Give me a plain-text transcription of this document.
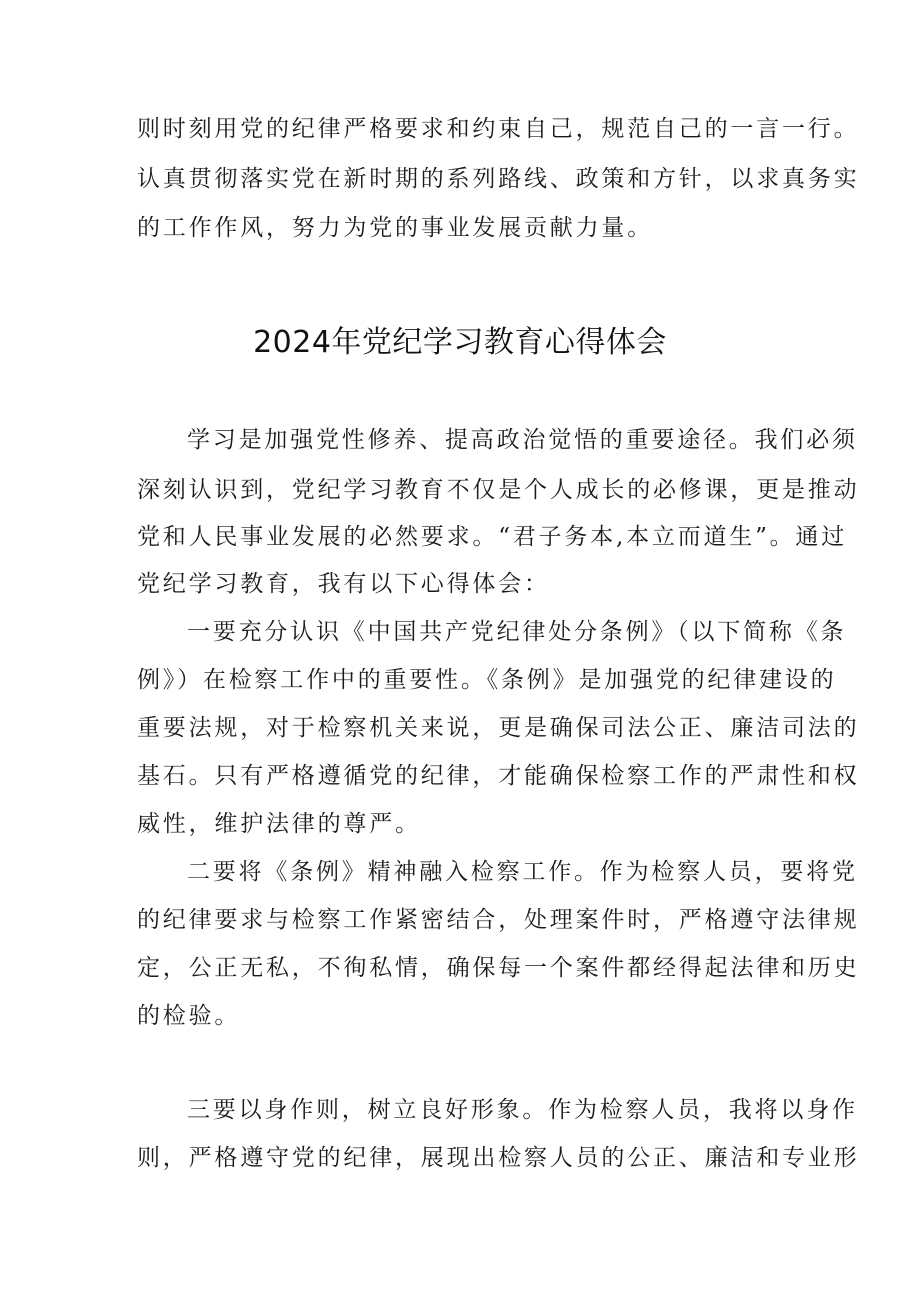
则时刻用党的纪律严格要求和约束自己，规范自己的一言一行。
认真贯彻落实党在新时期的系列路线、政策和方针，以求真务实
的工作作风，努力为党的事业发展贡献力量。
2024年党纪学习教育心得体会
学习是加强党性修养、提高政治觉悟的重要途径。我们必须
深刻认识到，党纪学习教育不仅是个人成长的必修课，更是推动
党和人民事业发展的必然要求。“君子务本,本立而道生”。通过
党纪学习教育，我有以下心得体会：
一要充分认识《中国共产党纪律处分条例》（以下简称《条
例》）在检察工作中的重要性。《条例》是加强党的纪律建设的
重要法规，对于检察机关来说，更是确保司法公正、廉洁司法的
基石。只有严格遵循党的纪律，才能确保检察工作的严肃性和权
威性，维护法律的尊严。
二要将《条例》精神融入检察工作。作为检察人员，要将党
的纪律要求与检察工作紧密结合，处理案件时，严格遵守法律规
定，公正无私，不徇私情，确保每一个案件都经得起法律和历史
的检验。
三要以身作则，树立良好形象。作为检察人员，我将以身作
则，严格遵守党的纪律，展现出检察人员的公正、廉洁和专业形
